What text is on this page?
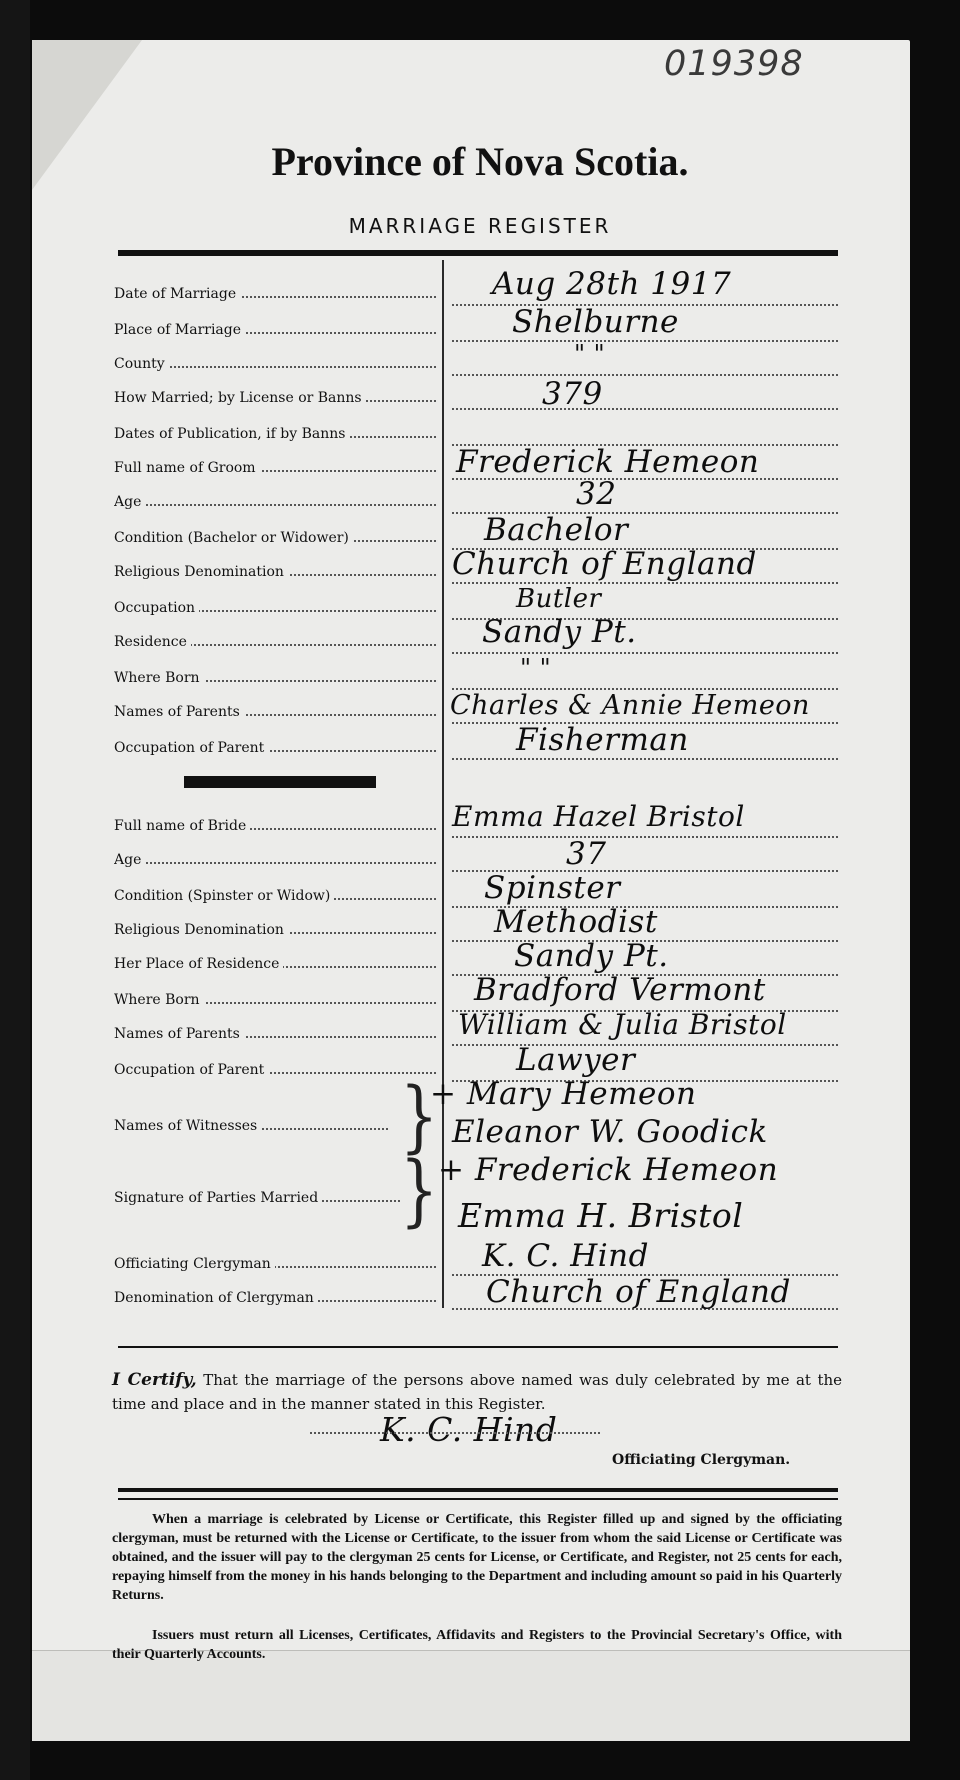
019398
Province of Nova Scotia.
MARRIAGE REGISTER
Date of Marriage	Aug 28th 1917
Place of Marriage	Shelburne
County	" "
How Married; by License or Banns	379
Dates of Publication, if by Banns
Full name of Groom	Frederick Hemeon
Age	32
Condition (Bachelor or Widower)	Bachelor
Religious Denomination	Church of England
Occupation	Butler
Residence	Sandy Pt.
Where Born	" "
Names of Parents	Charles & Annie Hemeon
Occupation of Parent	Fisherman
Full name of Bride	Emma Hazel Bristol
Age	37
Condition (Spinster or Widow)	Spinster
Religious Denomination	Methodist
Her Place of Residence	Sandy Pt.
Where Born	Bradford Vermont
Names of Parents	William & Julia Bristol
Occupation of Parent	Lawyer
Names of Witnesses	}
+ Mary Hemeon
Eleanor W. Goodick
Signature of Parties Married	} + Frederick Hemeon
Emma H. Bristol
Officiating Clergyman	K. C. Hind
Denomination of Clergyman	Church of England
I Certify, That the marriage of the persons above named was duly celebrated by me at the time and place and in the manner stated in this Register.
K. C. Hind
Officiating Clergyman.
When a marriage is celebrated by License or Certificate, this Register filled up and signed by the officiating clergyman, must be returned with the License or Certificate, to the issuer from whom the said License or Certificate was obtained, and the issuer will pay to the clergyman 25 cents for License, or Certificate, and Register, not 25 cents for each, repaying himself from the money in his hands belonging to the Department and including amount so paid in his Quarterly Returns.
Issuers must return all Licenses, Certificates, Affidavits and Registers to the Provincial Secretary's Office, with their Quarterly Accounts.
